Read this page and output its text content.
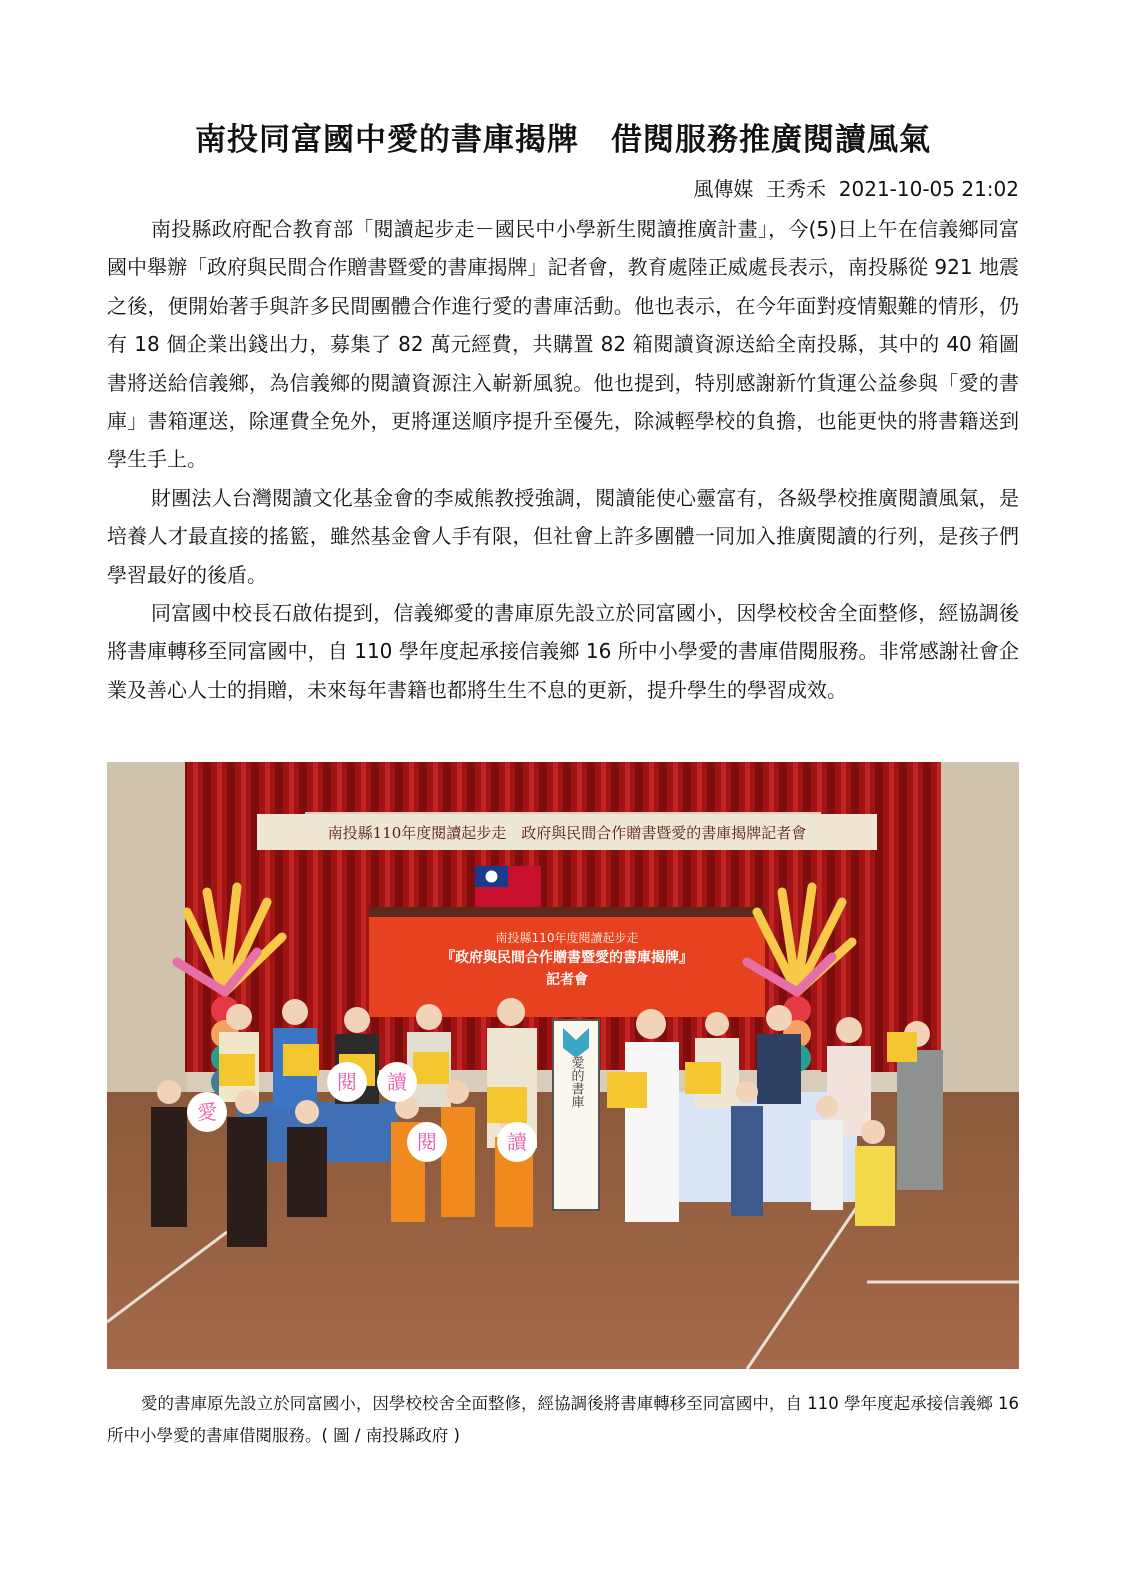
南投同富國中愛的書庫揭牌　借閱服務推廣閱讀風氣
風傳媒  王秀禾  2021-10-05 21:02

南投縣政府配合教育部「閱讀起步走－國民中小學新生閱讀推廣計畫」，今(5)日上午在信義鄉同富國中舉辦「政府與民間合作贈書暨愛的書庫揭牌」記者會，教育處陸正威處長表示，南投縣從 921 地震之後，便開始著手與許多民間團體合作進行愛的書庫活動。他也表示，在今年面對疫情艱難的情形，仍有 18 個企業出錢出力，募集了 82 萬元經費，共購置 82 箱閱讀資源送給全南投縣，其中的 40 箱圖書將送給信義鄉，為信義鄉的閱讀資源注入嶄新風貌。他也提到，特別感謝新竹貨運公益參與「愛的書庫」書箱運送，除運費全免外，更將運送順序提升至優先，除減輕學校的負擔，也能更快的將書籍送到學生手上。

財團法人台灣閱讀文化基金會的李威熊教授強調，閱讀能使心靈富有，各級學校推廣閱讀風氣，是培養人才最直接的搖籃，雖然基金會人手有限，但社會上許多團體一同加入推廣閱讀的行列，是孩子們學習最好的後盾。

同富國中校長石啟佑提到，信義鄉愛的書庫原先設立於同富國小，因學校校舍全面整修，經協調後將書庫轉移至同富國中，自 110 學年度起承接信義鄉 16 所中小學愛的書庫借閱服務。非常感謝社會企業及善心人士的捐贈，未來每年書籍也都將生生不息的更新，提升學生的學習成效。

南投縣110年度閱讀起步走　政府與民間合作贈書暨愛的書庫揭牌記者會
南投縣110年度閱讀起步走
『政府與民間合作贈書暨愛的書庫揭牌』
記者會
愛的書庫
愛
閱 讀
閱	讀

愛的書庫原先設立於同富國小，因學校校舍全面整修，經協調後將書庫轉移至同富國中，自 110 學年度起承接信義鄉 16 所中小學愛的書庫借閱服務。( 圖 / 南投縣政府 )
